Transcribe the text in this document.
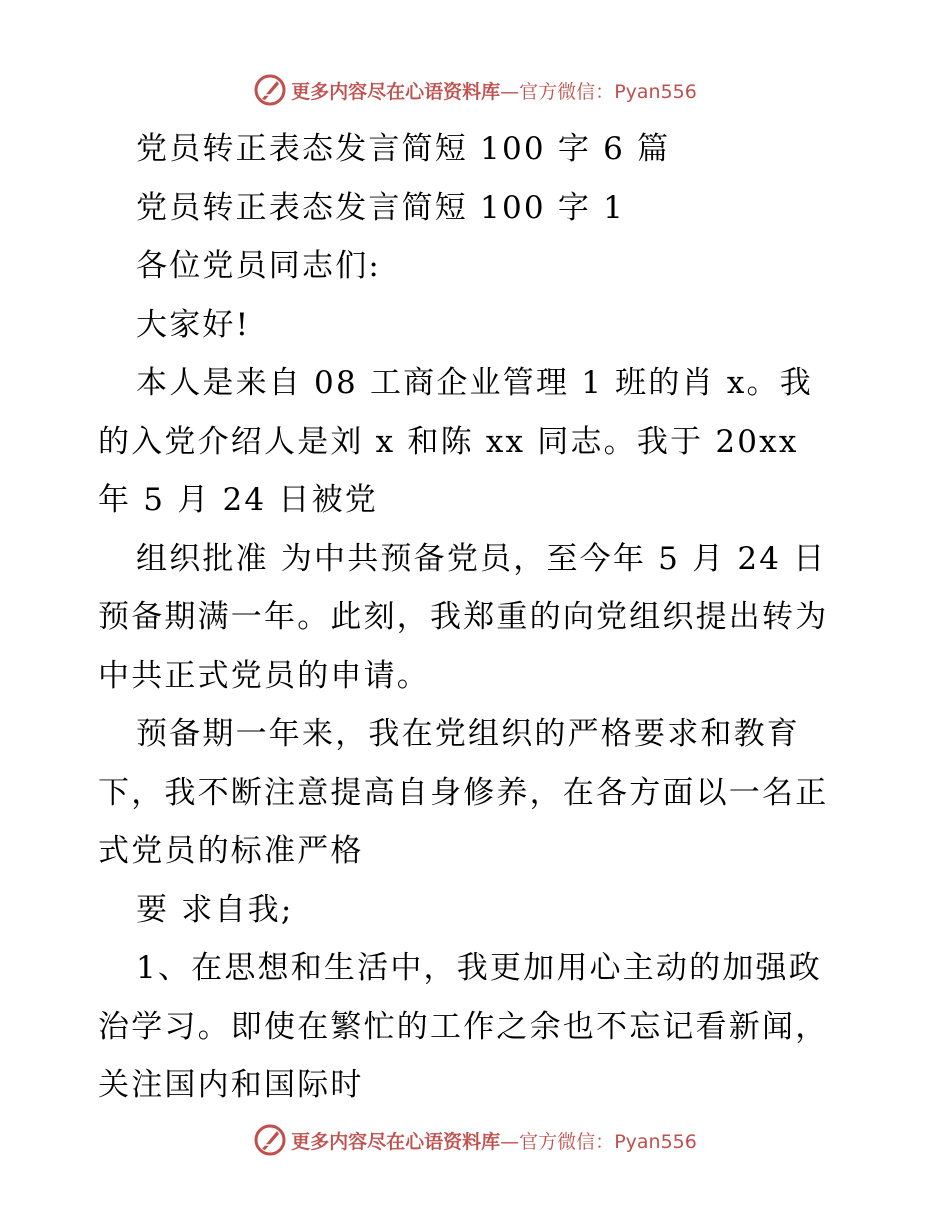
更多内容尽在心语资料库—官方微信：Pyan556
党员转正表态发言简短 100 字 6 篇
党员转正表态发言简短 100 字 1
各位党员同志们:
大家好!
本人是来自 08 工商企业管理 1 班的肖 x。我
的入党介绍人是刘 x 和陈 xx 同志。我于 20xx
年 5 月 24 日被党
组织批准 为中共预备党员，至今年 5 月 24 日
预备期满一年。此刻，我郑重的向党组织提出转为
中共正式党员的申请。
预备期一年来，我在党组织的严格要求和教育
下，我不断注意提高自身修养，在各方面以一名正
式党员的标准严格
要 求自我;
1、在思想和生活中，我更加用心主动的加强政
治学习。即使在繁忙的工作之余也不忘记看新闻，
关注国内和国际时
更多内容尽在心语资料库—官方微信：Pyan556
